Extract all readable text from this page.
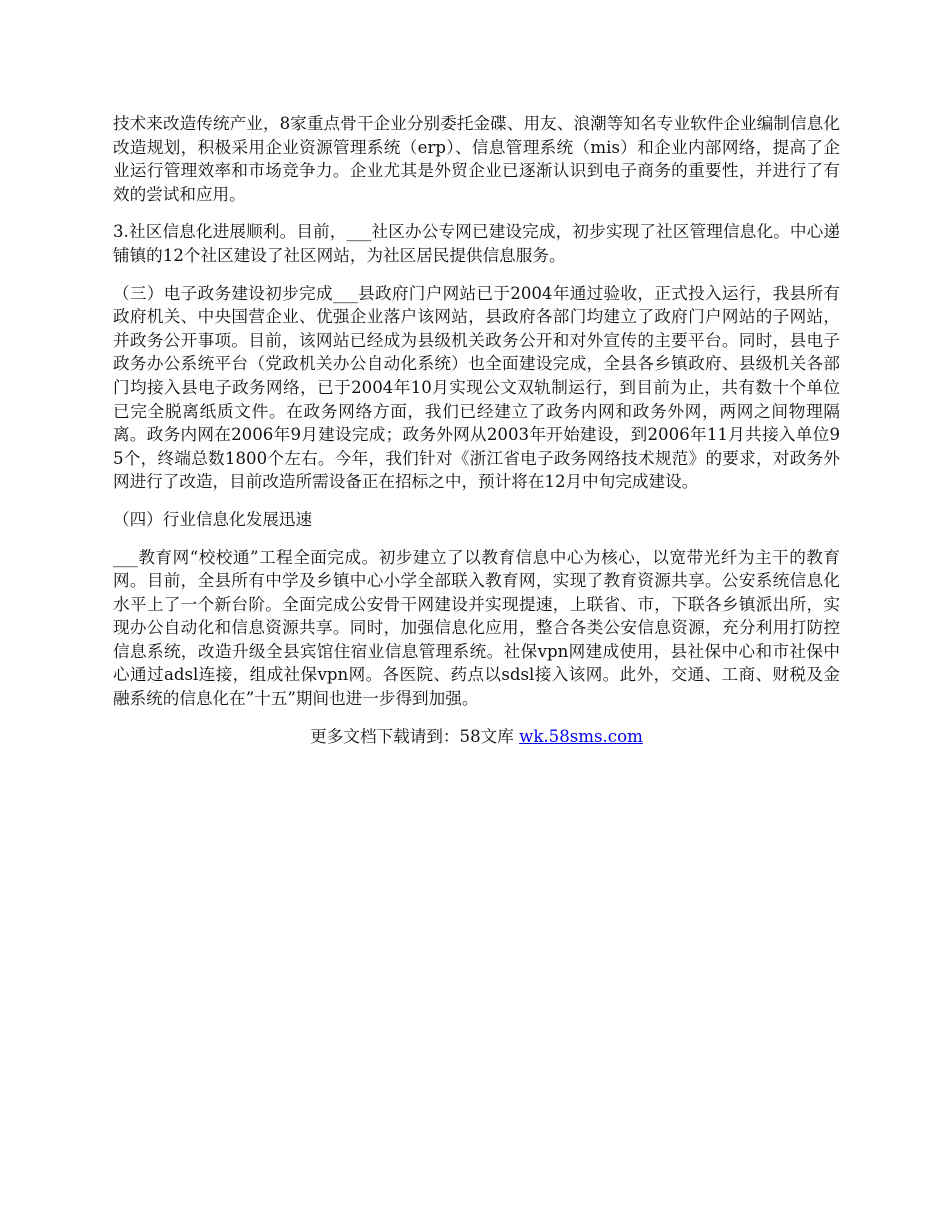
技术来改造传统产业，8家重点骨干企业分别委托金碟、用友、浪潮等知名专业软件企业编制信息化改造规划，积极采用企业资源管理系统（erp）、信息管理系统（mis）和企业内部网络，提高了企业运行管理效率和市场竞争力。企业尤其是外贸企业已逐渐认识到电子商务的重要性，并进行了有效的尝试和应用。

3.社区信息化进展顺利。目前，___社区办公专网已建设完成，初步实现了社区管理信息化。中心递铺镇的12个社区建设了社区网站，为社区居民提供信息服务。

（三）电子政务建设初步完成___县政府门户网站已于2004年通过验收，正式投入运行，我县所有政府机关、中央国营企业、优强企业落户该网站，县政府各部门均建立了政府门户网站的子网站，并政务公开事项。目前，该网站已经成为县级机关政务公开和对外宣传的主要平台。同时，县电子政务办公系统平台（党政机关办公自动化系统）也全面建设完成，全县各乡镇政府、县级机关各部门均接入县电子政务网络，已于2004年10月实现公文双轨制运行，到目前为止，共有数十个单位已完全脱离纸质文件。在政务网络方面，我们已经建立了政务内网和政务外网，两网之间物理隔离。政务内网在2006年9月建设完成；政务外网从2003年开始建设，到2006年11月共接入单位95个，终端总数1800个左右。今年，我们针对《浙江省电子政务网络技术规范》的要求，对政务外网进行了改造，目前改造所需设备正在招标之中，预计将在12月中旬完成建设。

（四）行业信息化发展迅速

___教育网“校校通”工程全面完成。初步建立了以教育信息中心为核心，以宽带光纤为主干的教育网。目前，全县所有中学及乡镇中心小学全部联入教育网，实现了教育资源共享。公安系统信息化水平上了一个新台阶。全面完成公安骨干网建设并实现提速，上联省、市，下联各乡镇派出所，实现办公自动化和信息资源共享。同时，加强信息化应用，整合各类公安信息资源，充分利用打防控信息系统，改造升级全县宾馆住宿业信息管理系统。社保vpn网建成使用，县社保中心和市社保中心通过adsl连接，组成社保vpn网。各医院、药点以sdsl接入该网。此外，交通、工商、财税及金融系统的信息化在”十五”期间也进一步得到加强。

更多文档下载请到：58文库 wk.58sms.com
